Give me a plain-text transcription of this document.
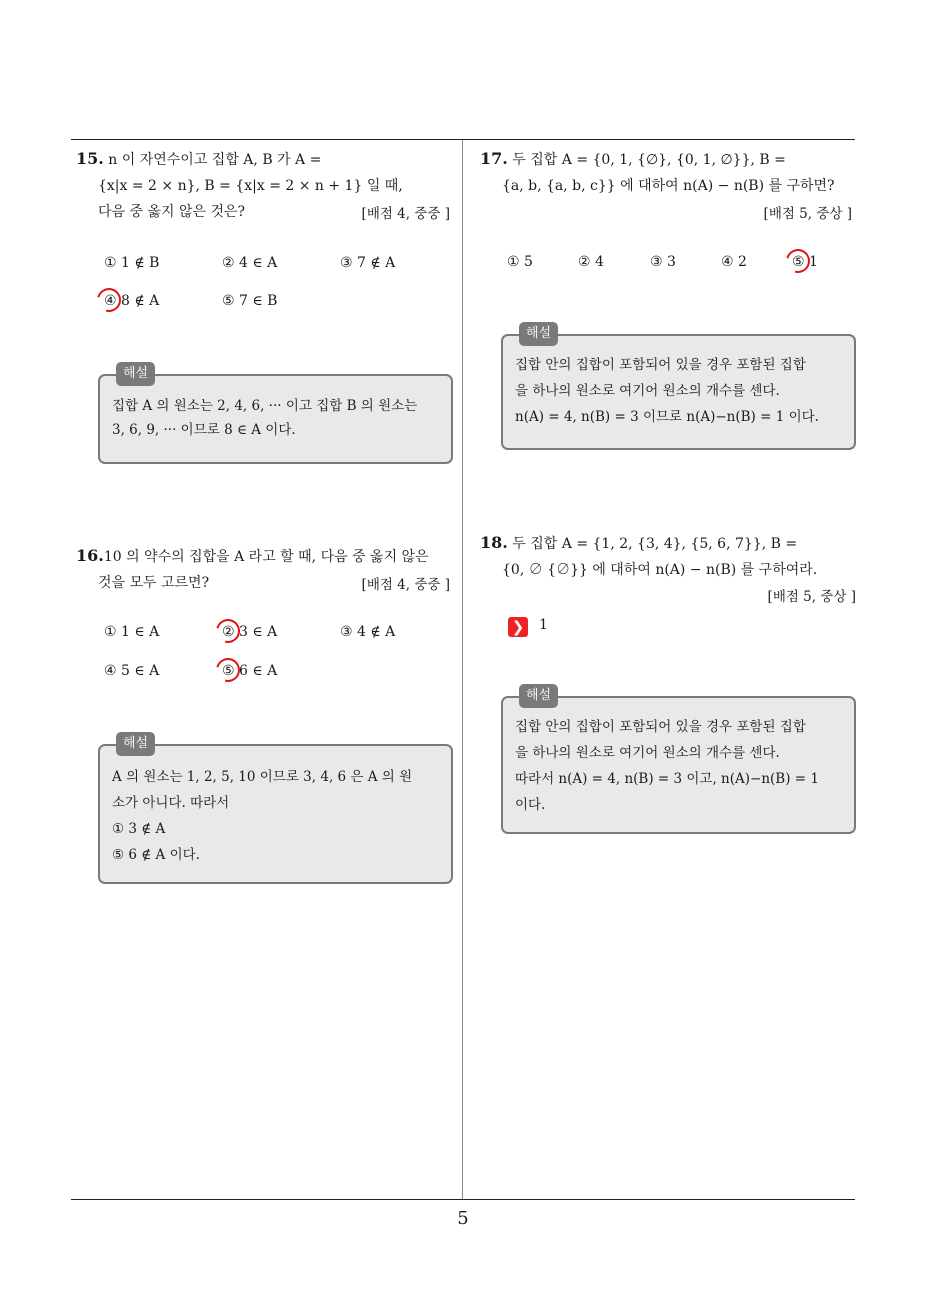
5
15. n 이 자연수이고 집합 A, B 가 A =
{x|x = 2 × n}, B = {x|x = 2 × n + 1} 일 때,
다음 중 옳지 않은 것은?	[배점 4, 중중 ]
① 1 ∉ B	② 4 ∈ A	③ 7 ∉ A
④ 8 ∉ A	⑤ 7 ∈ B
해설
집합 A 의 원소는 2, 4, 6, ··· 이고 집합 B 의 원소는
3, 6, 9, ··· 이므로 8 ∈ A 이다.
16.10 의 약수의 집합을 A 라고 할 때, 다음 중 옳지 않은
것을 모두 고르면?	[배점 4, 중중 ]
① 1 ∈ A	② 3 ∈ A	③ 4 ∉ A
④ 5 ∈ A	⑤ 6 ∈ A
해설
A 의 원소는 1, 2, 5, 10 이므로 3, 4, 6 은 A 의 원
소가 아니다. 따라서
① 3 ∉ A
⑤ 6 ∉ A 이다.
17. 두 집합 A = {0, 1, {∅}, {0, 1, ∅}}, B =
{a, b, {a, b, c}} 에 대하여 n(A) − n(B) 를 구하면?
[배점 5, 중상 ]
① 5	② 4	③ 3	④ 2	⑤ 1
해설
집합 안의 집합이 포함되어 있을 경우 포함된 집합
을 하나의 원소로 여기어 원소의 개수를 센다.
n(A) = 4, n(B) = 3 이므로 n(A)−n(B) = 1 이다.
18. 두 집합 A = {1, 2, {3, 4}, {5, 6, 7}}, B =
{0, ∅ {∅}} 에 대하여 n(A) − n(B) 를 구하여라.
[배점 5, 중상 ]
❯ 1
해설
집합 안의 집합이 포함되어 있을 경우 포함된 집합
을 하나의 원소로 여기어 원소의 개수를 센다.
따라서 n(A) = 4, n(B) = 3 이고, n(A)−n(B) = 1
이다.
